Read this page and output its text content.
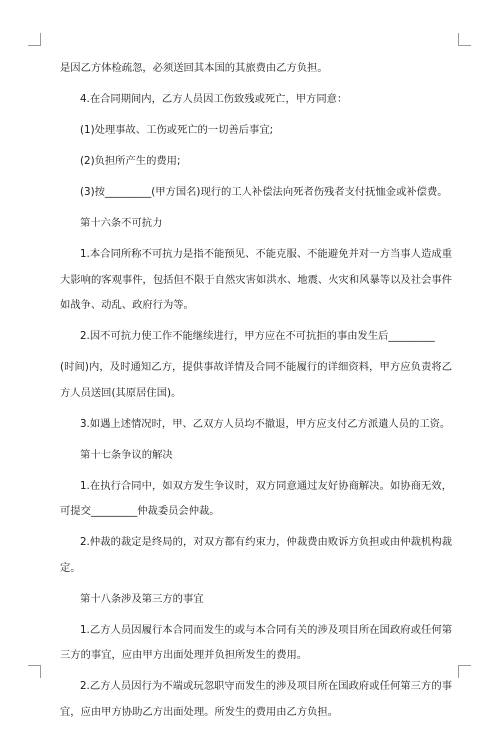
是因乙方体检疏忽，必须送回其本国的其旅费由乙方负担。

4.在合同期间内，乙方人员因工伤致残或死亡，甲方同意：

(1)处理事故、工伤或死亡的一切善后事宜;

(2)负担所产生的费用;

(3)按_________(甲方国名)现行的工人补偿法向死者伤残者支付抚恤金或补偿费。

第十六条不可抗力

1.本合同所称不可抗力是指不能预见、不能克服、不能避免并对一方当事人造成重大影响的客观事件，包括但不限于自然灾害如洪水、地震、火灾和风暴等以及社会事件如战争、动乱、政府行为等。

2.因不可抗力使工作不能继续进行，甲方应在不可抗拒的事由发生后_________

(时间)内，及时通知乙方，提供事故详情及合同不能履行的详细资料，甲方应负责将乙方人员送回(其原居住国)。

3.如遇上述情况时，甲、乙双方人员均不撤退，甲方应支付乙方派遣人员的工资。

第十七条争议的解决

1.在执行合同中，如双方发生争议时，双方同意通过友好协商解决。如协商无效，可提交_________仲裁委员会仲裁。

2.仲裁的裁定是终局的，对双方都有约束力，仲裁费由败诉方负担或由仲裁机构裁定。

第十八条涉及第三方的事宜

1.乙方人员因履行本合同而发生的或与本合同有关的涉及项目所在国政府或任何第三方的事宜，应由甲方出面处理并负担所发生的费用。

2.乙方人员因行为不端或玩忽职守而发生的涉及项目所在国政府或任何第三方的事宜，应由甲方协助乙方出面处理。所发生的费用由乙方负担。
